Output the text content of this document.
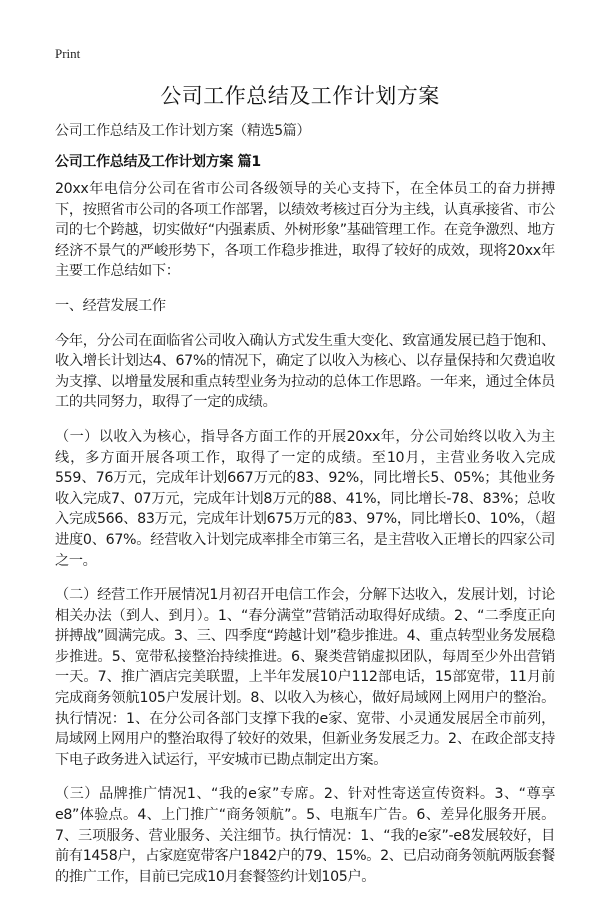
Print
公司工作总结及工作计划方案
公司工作总结及工作计划方案（精选5篇）
公司工作总结及工作计划方案 篇1

20xx年电信分公司在省市公司各级领导的关心支持下，在全体员工的奋力拼搏下，按照省市公司的各项工作部署，以绩效考核过百分为主线，认真承接省、市公司的七个跨越，切实做好“内强素质、外树形象”基础管理工作。在竞争激烈、地方经济不景气的严峻形势下，各项工作稳步推进，取得了较好的成效，现将20xx年主要工作总结如下：

一、经营发展工作

今年，分公司在面临省公司收入确认方式发生重大变化、致富通发展已趋于饱和、收入增长计划达4、67%的情况下，确定了以收入为核心、以存量保持和欠费追收为支撑、以增量发展和重点转型业务为拉动的总体工作思路。一年来，通过全体员工的共同努力，取得了一定的成绩。

（一）以收入为核心，指导各方面工作的开展20xx年，分公司始终以收入为主线，多方面开展各项工作，取得了一定的成绩。至10月，主营业务收入完成559、76万元，完成年计划667万元的83、92%，同比增长5、05%；其他业务收入完成7、07万元，完成年计划8万元的88、41%，同比增长-78、83%；总收入完成566、83万元，完成年计划675万元的83、97%，同比增长0、10%，（超进度0、67%。经营收入计划完成率排全市第三名，是主营收入正增长的四家公司之一。

（二）经营工作开展情况1月初召开电信工作会，分解下达收入，发展计划，讨论相关办法（到人、到月）。1、“春分满堂”营销活动取得好成绩。2、“二季度正向拼搏战”圆满完成。3、三、四季度“跨越计划”稳步推进。4、重点转型业务发展稳步推进。5、宽带私接整治持续推进。6、聚类营销虚拟团队，每周至少外出营销一天。7、推广酒店完美联盟，上半年发展10户112部电话，15部宽带，11月前完成商务领航105户发展计划。8、以收入为核心，做好局域网上网用户的整治。执行情况：1、在分公司各部门支撑下我的e家、宽带、小灵通发展居全市前列，局域网上网用户的整治取得了较好的效果，但新业务发展乏力。2、在政企部支持下电子政务进入试运行，平安城市已勘点制定出方案。

（三）品牌推广情况1、“我的e家”专席。2、针对性寄送宣传资料。3、“尊享e8”体验点。4、上门推广“商务领航”。5、电瓶车广告。6、差异化服务开展。7、三项服务、营业服务、关注细节。执行情况：1、“我的e家”-e8发展较好，目前有1458户，占家庭宽带客户1842户的79、15%。2、已启动商务领航两版套餐的推广工作，目前已完成10月套餐签约计划105户。
